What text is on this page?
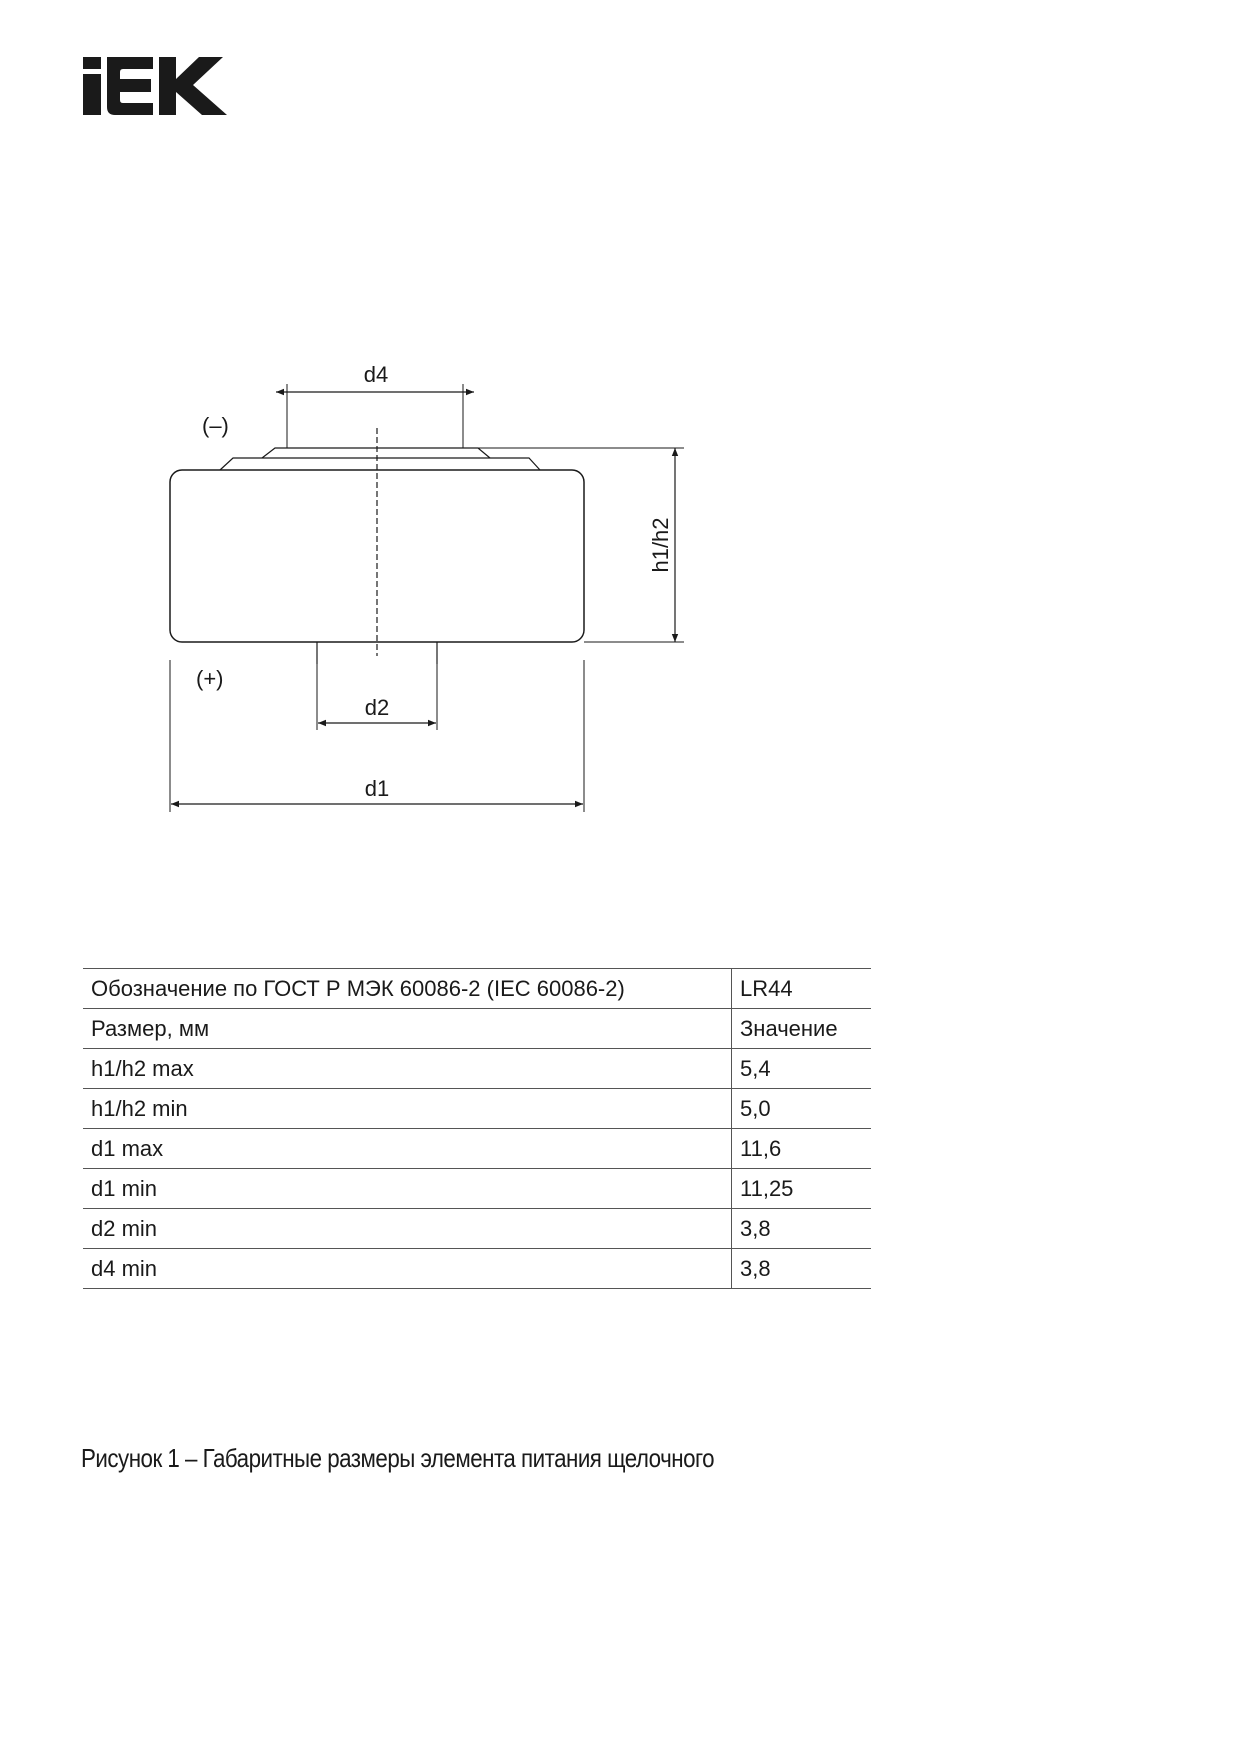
d4
(–)
h1/h2
(+)
d2
d1
Обозначение по ГОСТ Р МЭК 60086-2 (IEC 60086-2)	LR44
Размер, мм	Значение
h1/h2 max	5,4
h1/h2 min	5,0
d1 max	11,6
d1 min	11,25
d2 min	3,8
d4 min	3,8
Рисунок 1 – Габаритные размеры элемента питания щелочного
